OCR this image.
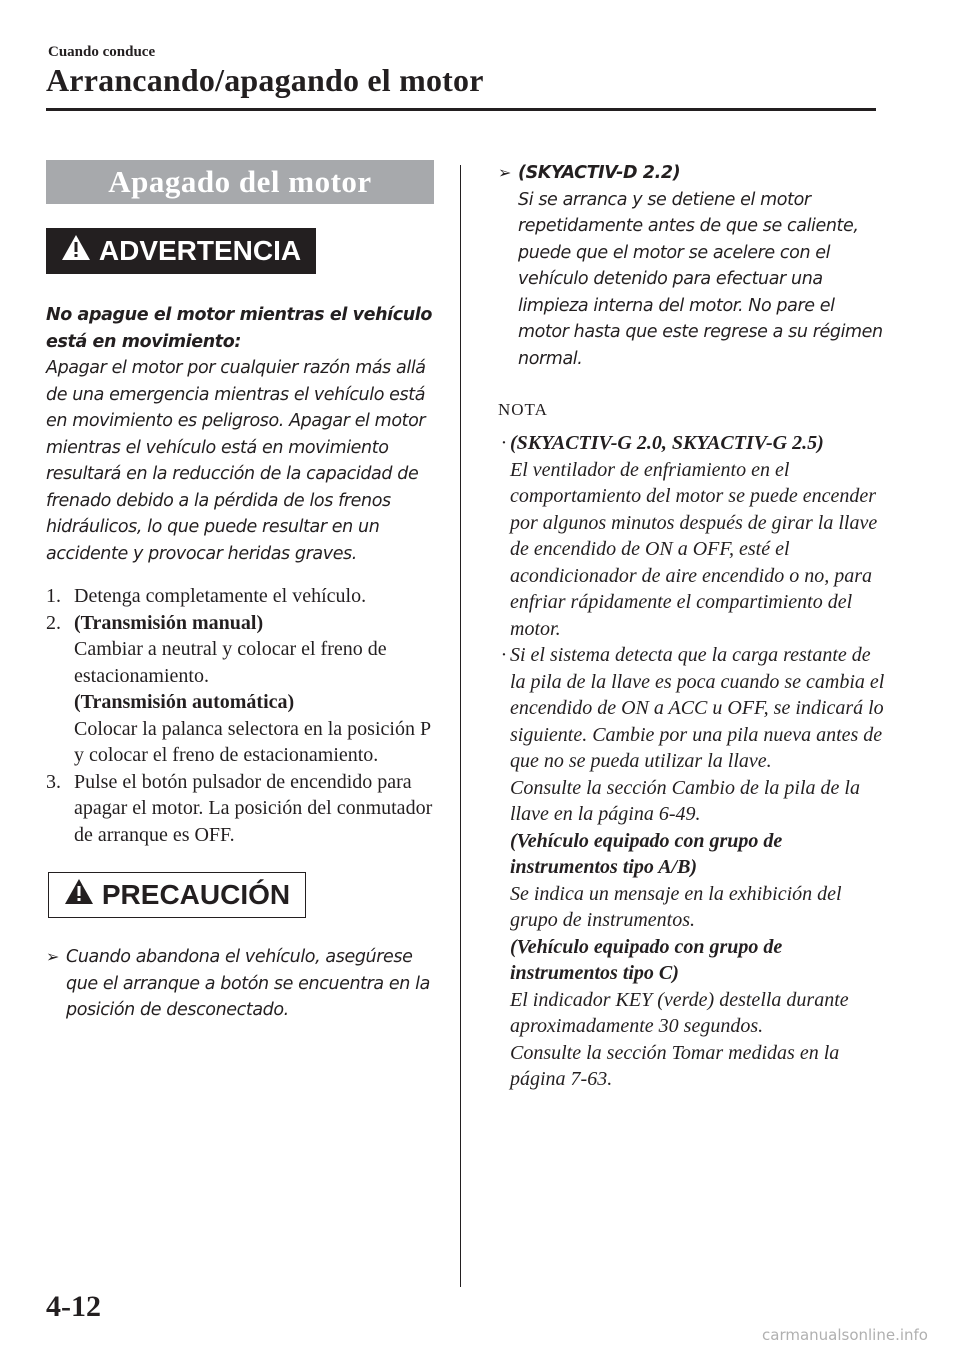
Cuando conduce
Arrancando/apagando el motor
Apagado del motor
ADVERTENCIA
No apague el motor mientras el vehículo está en movimiento:
Apagar el motor por cualquier razón más allá de una emergencia mientras el vehículo está en movimiento es peligroso. Apagar el motor mientras el vehículo está en movimiento resultará en la reducción de la capacidad de frenado debido a la pérdida de los frenos hidráulicos, lo que puede resultar en un accidente y provocar heridas graves.
1. Detenga completamente el vehículo.
2. (Transmisión manual)
Cambiar a neutral y colocar el freno de estacionamiento.
(Transmisión automática)
Colocar la palanca selectora en la posición P y colocar el freno de estacionamiento.
3. Pulse el botón pulsador de encendido para apagar el motor. La posición del conmutador de arranque es OFF.
PRECAUCIÓN
➢ Cuando abandona el vehículo, asegúrese que el arranque a botón se encuentra en la posición de desconectado.
➢ (SKYACTIV-D 2.2)
Si se arranca y se detiene el motor repetidamente antes de que se caliente, puede que el motor se acelere con el vehículo detenido para efectuar una limpieza interna del motor. No pare el motor hasta que este regrese a su régimen normal.
NOTA
· (SKYACTIV-G 2.0, SKYACTIV-G 2.5)
El ventilador de enfriamiento en el comportamiento del motor se puede encender por algunos minutos después de girar la llave de encendido de ON a OFF, esté el acondicionador de aire encendido o no, para enfriar rápidamente el compartimiento del motor.
· Si el sistema detecta que la carga restante de la pila de la llave es poca cuando se cambia el encendido de ON a ACC u OFF, se indicará lo siguiente. Cambie por una pila nueva antes de que no se pueda utilizar la llave.
Consulte la sección Cambio de la pila de la llave en la página 6-49.
(Vehículo equipado con grupo de instrumentos tipo A/B)
Se indica un mensaje en la exhibición del grupo de instrumentos.
(Vehículo equipado con grupo de instrumentos tipo C)
El indicador KEY (verde) destella durante aproximadamente 30 segundos.
Consulte la sección Tomar medidas en la página 7-63.
4-12
carmanualsonline.info
